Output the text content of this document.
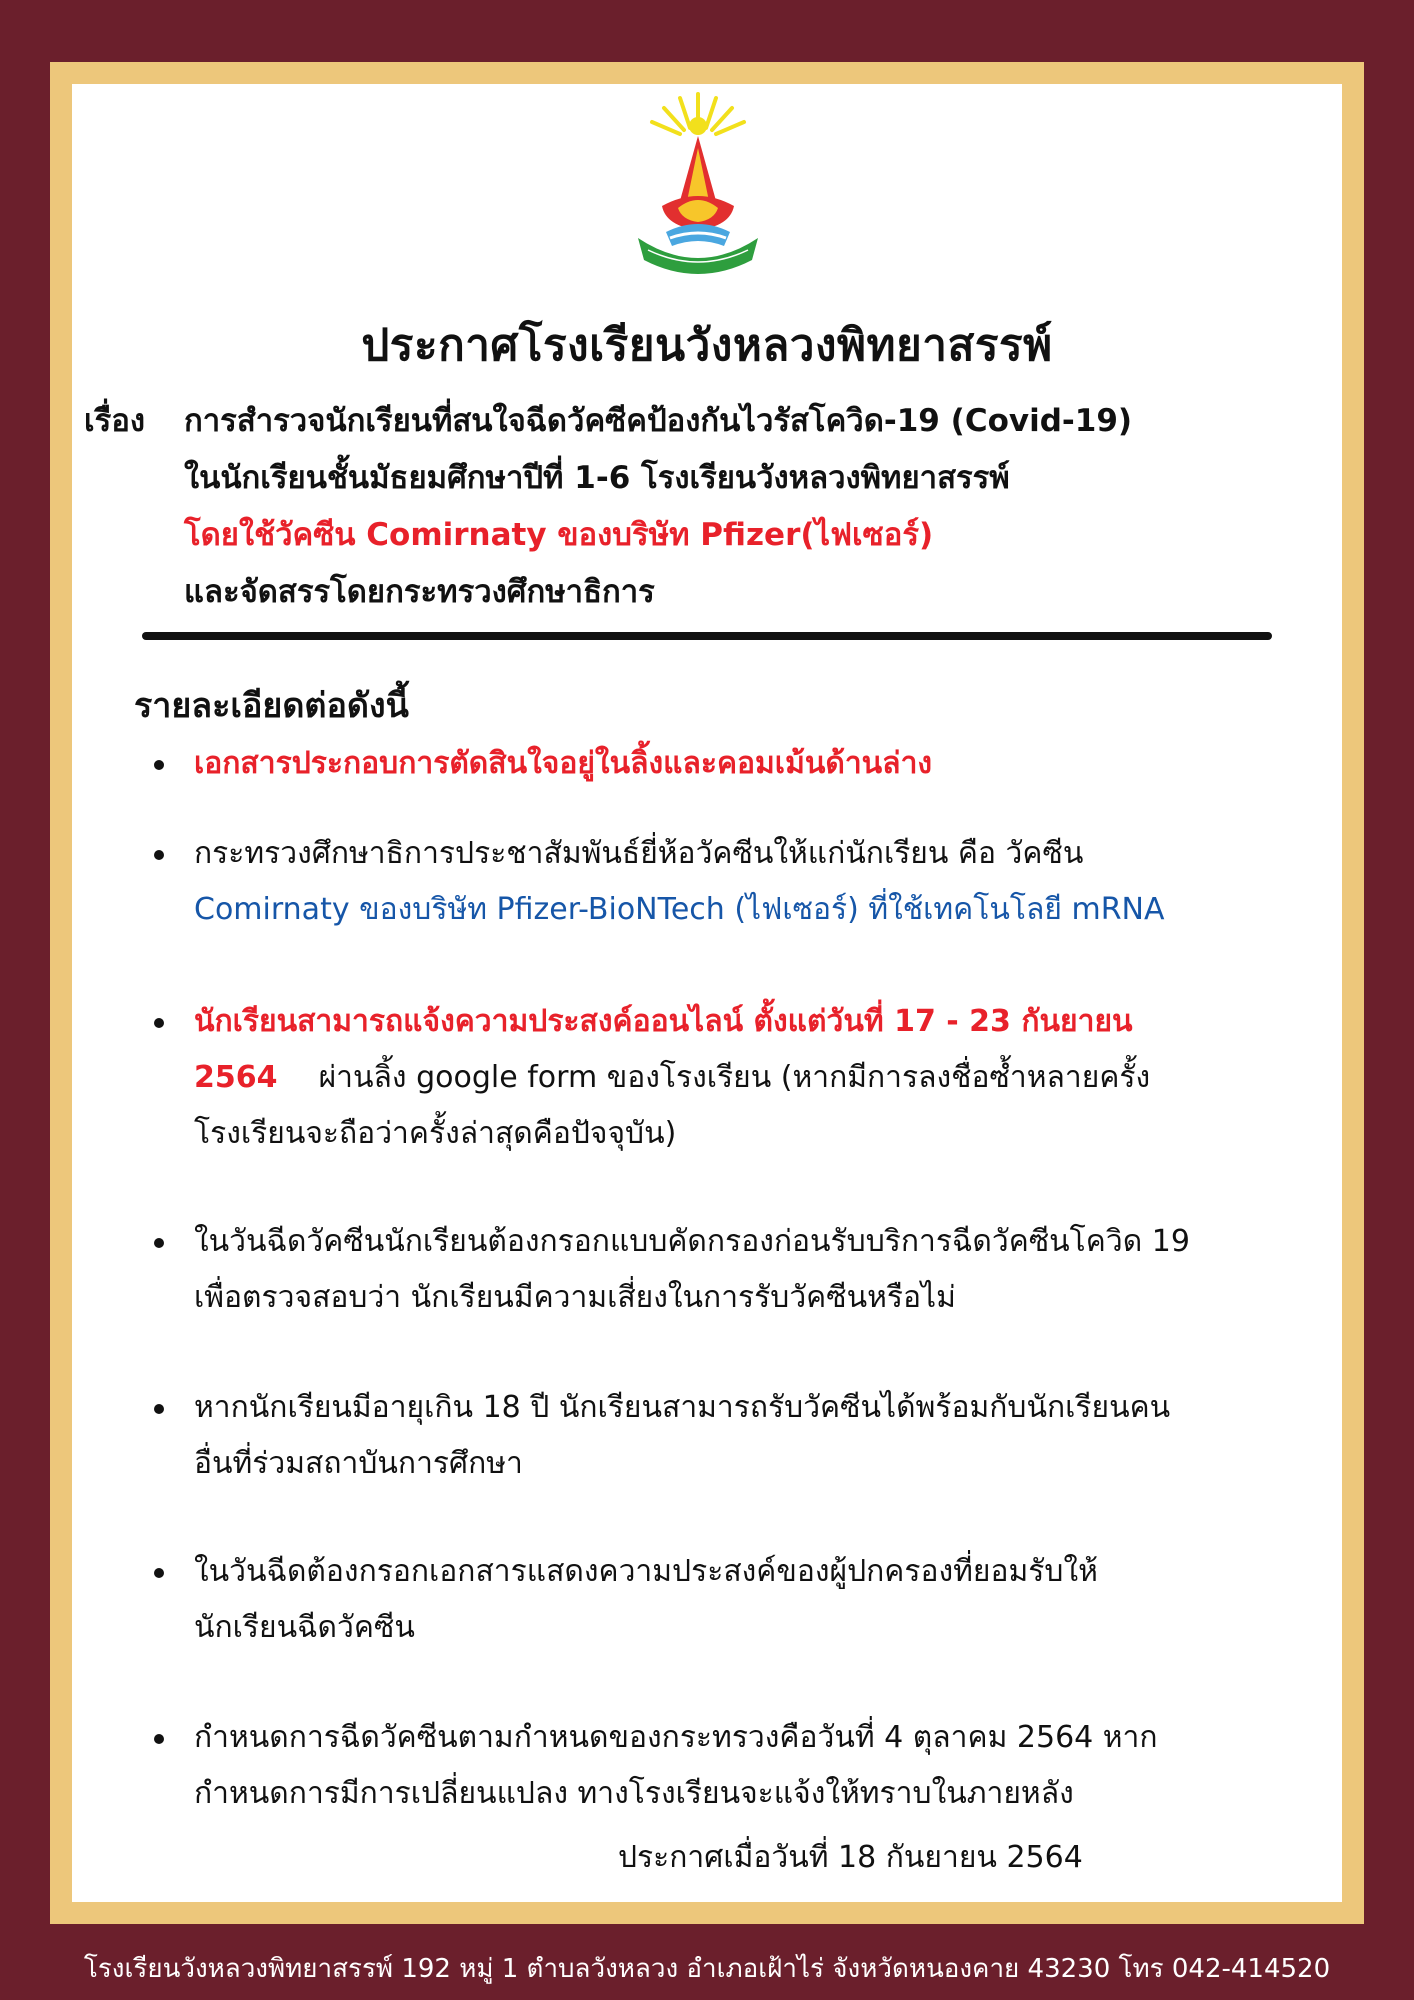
ประกาศโรงเรียนวังหลวงพิทยาสรรพ์
เรื่อง การสำรวจนักเรียนที่สนใจฉีดวัคซีคป้องกันไวรัสโควิด-19 (Covid-19)
ในนักเรียนชั้นมัธยมศึกษาปีที่ 1-6 โรงเรียนวังหลวงพิทยาสรรพ์
โดยใช้วัคซีน Comirnaty ของบริษัท Pfizer(ไฟเซอร์)
และจัดสรรโดยกระทรวงศึกษาธิการ
รายละเอียดต่อดังนี้
เอกสารประกอบการตัดสินใจอยู่ในลิ้งและคอมเม้นด้านล่าง
กระทรวงศึกษาธิการประชาสัมพันธ์ยี่ห้อวัคซีนให้แก่นักเรียน คือ วัคซีน
Comirnaty ของบริษัท Pfizer-BioNTech (ไฟเซอร์) ที่ใช้เทคโนโลยี mRNA
นักเรียนสามารถแจ้งความประสงค์ออนไลน์ ตั้งแต่วันที่ 17 - 23 กันยายน
2564 ผ่านลิ้ง google form ของโรงเรียน (หากมีการลงชื่อซ้ำหลายครั้ง
โรงเรียนจะถือว่าครั้งล่าสุดคือปัจจุบัน)
ในวันฉีดวัคซีนนักเรียนต้องกรอกแบบคัดกรองก่อนรับบริการฉีดวัคซีนโควิด 19
เพื่อตรวจสอบว่า นักเรียนมีความเสี่ยงในการรับวัคซีนหรือไม่
หากนักเรียนมีอายุเกิน 18 ปี นักเรียนสามารถรับวัคซีนได้พร้อมกับนักเรียนคน
อื่นที่ร่วมสถาบันการศึกษา
ในวันฉีดต้องกรอกเอกสารแสดงความประสงค์ของผู้ปกครองที่ยอมรับให้
นักเรียนฉีดวัคซีน
กำหนดการฉีดวัคซีนตามกำหนดของกระทรวงคือวันที่ 4 ตุลาคม 2564 หาก
กำหนดการมีการเปลี่ยนแปลง ทางโรงเรียนจะแจ้งให้ทราบในภายหลัง
ประกาศเมื่อวันที่ 18 กันยายน 2564
โรงเรียนวังหลวงพิทยาสรรพ์ 192 หมู่ 1 ตำบลวังหลวง อำเภอเฝ้าไร่ จังหวัดหนองคาย 43230 โทร 042-414520
